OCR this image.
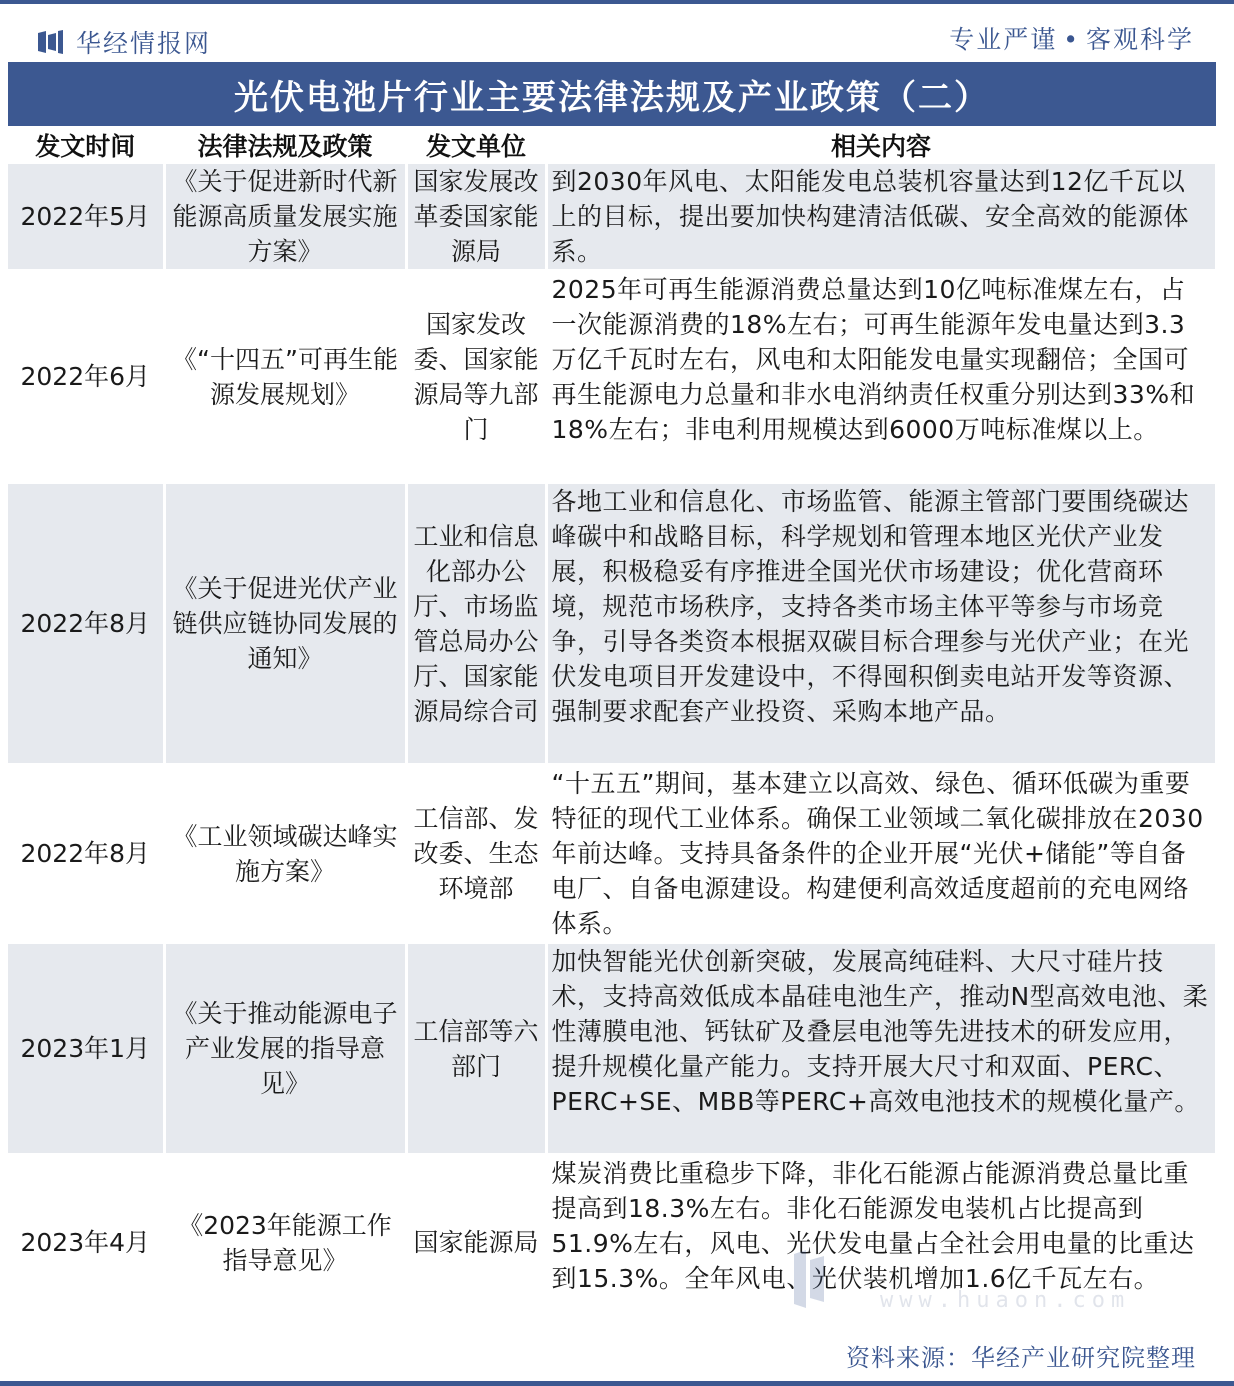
华经情报网	专业严谨 • 客观科学
光伏电池片行业主要法律法规及产业政策（二）
发文时间	法律法规及政策	发文单位	相关内容
2022年5月	《关于促进新时代新能源高质量发展实施方案》	国家发展改革委国家能源局	到2030年风电、太阳能发电总装机容量达到12亿千瓦以上的目标，提出要加快构建清洁低碳、安全高效的能源体系。
2022年6月	《“十四五”可再生能源发展规划》	国家发改委、国家能源局等九部门	2025年可再生能源消费总量达到10亿吨标准煤左右，占一次能源消费的18%左右；可再生能源年发电量达到3.3万亿千瓦时左右，风电和太阳能发电量实现翻倍；全国可再生能源电力总量和非水电消纳责任权重分别达到33%和18%左右；非电利用规模达到6000万吨标准煤以上。
2022年8月	《关于促进光伏产业链供应链协同发展的通知》	工业和信息化部办公厅、市场监管总局办公厅、国家能源局综合司	各地工业和信息化、市场监管、能源主管部门要围绕碳达峰碳中和战略目标，科学规划和管理本地区光伏产业发展，积极稳妥有序推进全国光伏市场建设；优化营商环境，规范市场秩序，支持各类市场主体平等参与市场竞争，引导各类资本根据双碳目标合理参与光伏产业；在光伏发电项目开发建设中，不得囤积倒卖电站开发等资源、强制要求配套产业投资、采购本地产品。
2022年8月	《工业领域碳达峰实施方案》	工信部、发改委、生态环境部	“十五五”期间，基本建立以高效、绿色、循环低碳为重要特征的现代工业体系。确保工业领域二氧化碳排放在2030年前达峰。支持具备条件的企业开展“光伏+储能”等自备电厂、自备电源建设。构建便利高效适度超前的充电网络体系。
2023年1月	《关于推动能源电子产业发展的指导意见》	工信部等六部门	加快智能光伏创新突破，发展高纯硅料、大尺寸硅片技术，支持高效低成本晶硅电池生产，推动N型高效电池、柔性薄膜电池、钙钛矿及叠层电池等先进技术的研发应用，提升规模化量产能力。支持开展大尺寸和双面、PERC、PERC+SE、MBB等PERC+高效电池技术的规模化量产。
2023年4月	《2023年能源工作指导意见》	国家能源局	煤炭消费比重稳步下降，非化石能源占能源消费总量比重提高到18.3%左右。非化石能源发电装机占比提高到51.9%左右，风电、光伏发电量占全社会用电量的比重达到15.3%。全年风电、光伏装机增加1.6亿千瓦左右。
www.huaon.com
资料来源：华经产业研究院整理
